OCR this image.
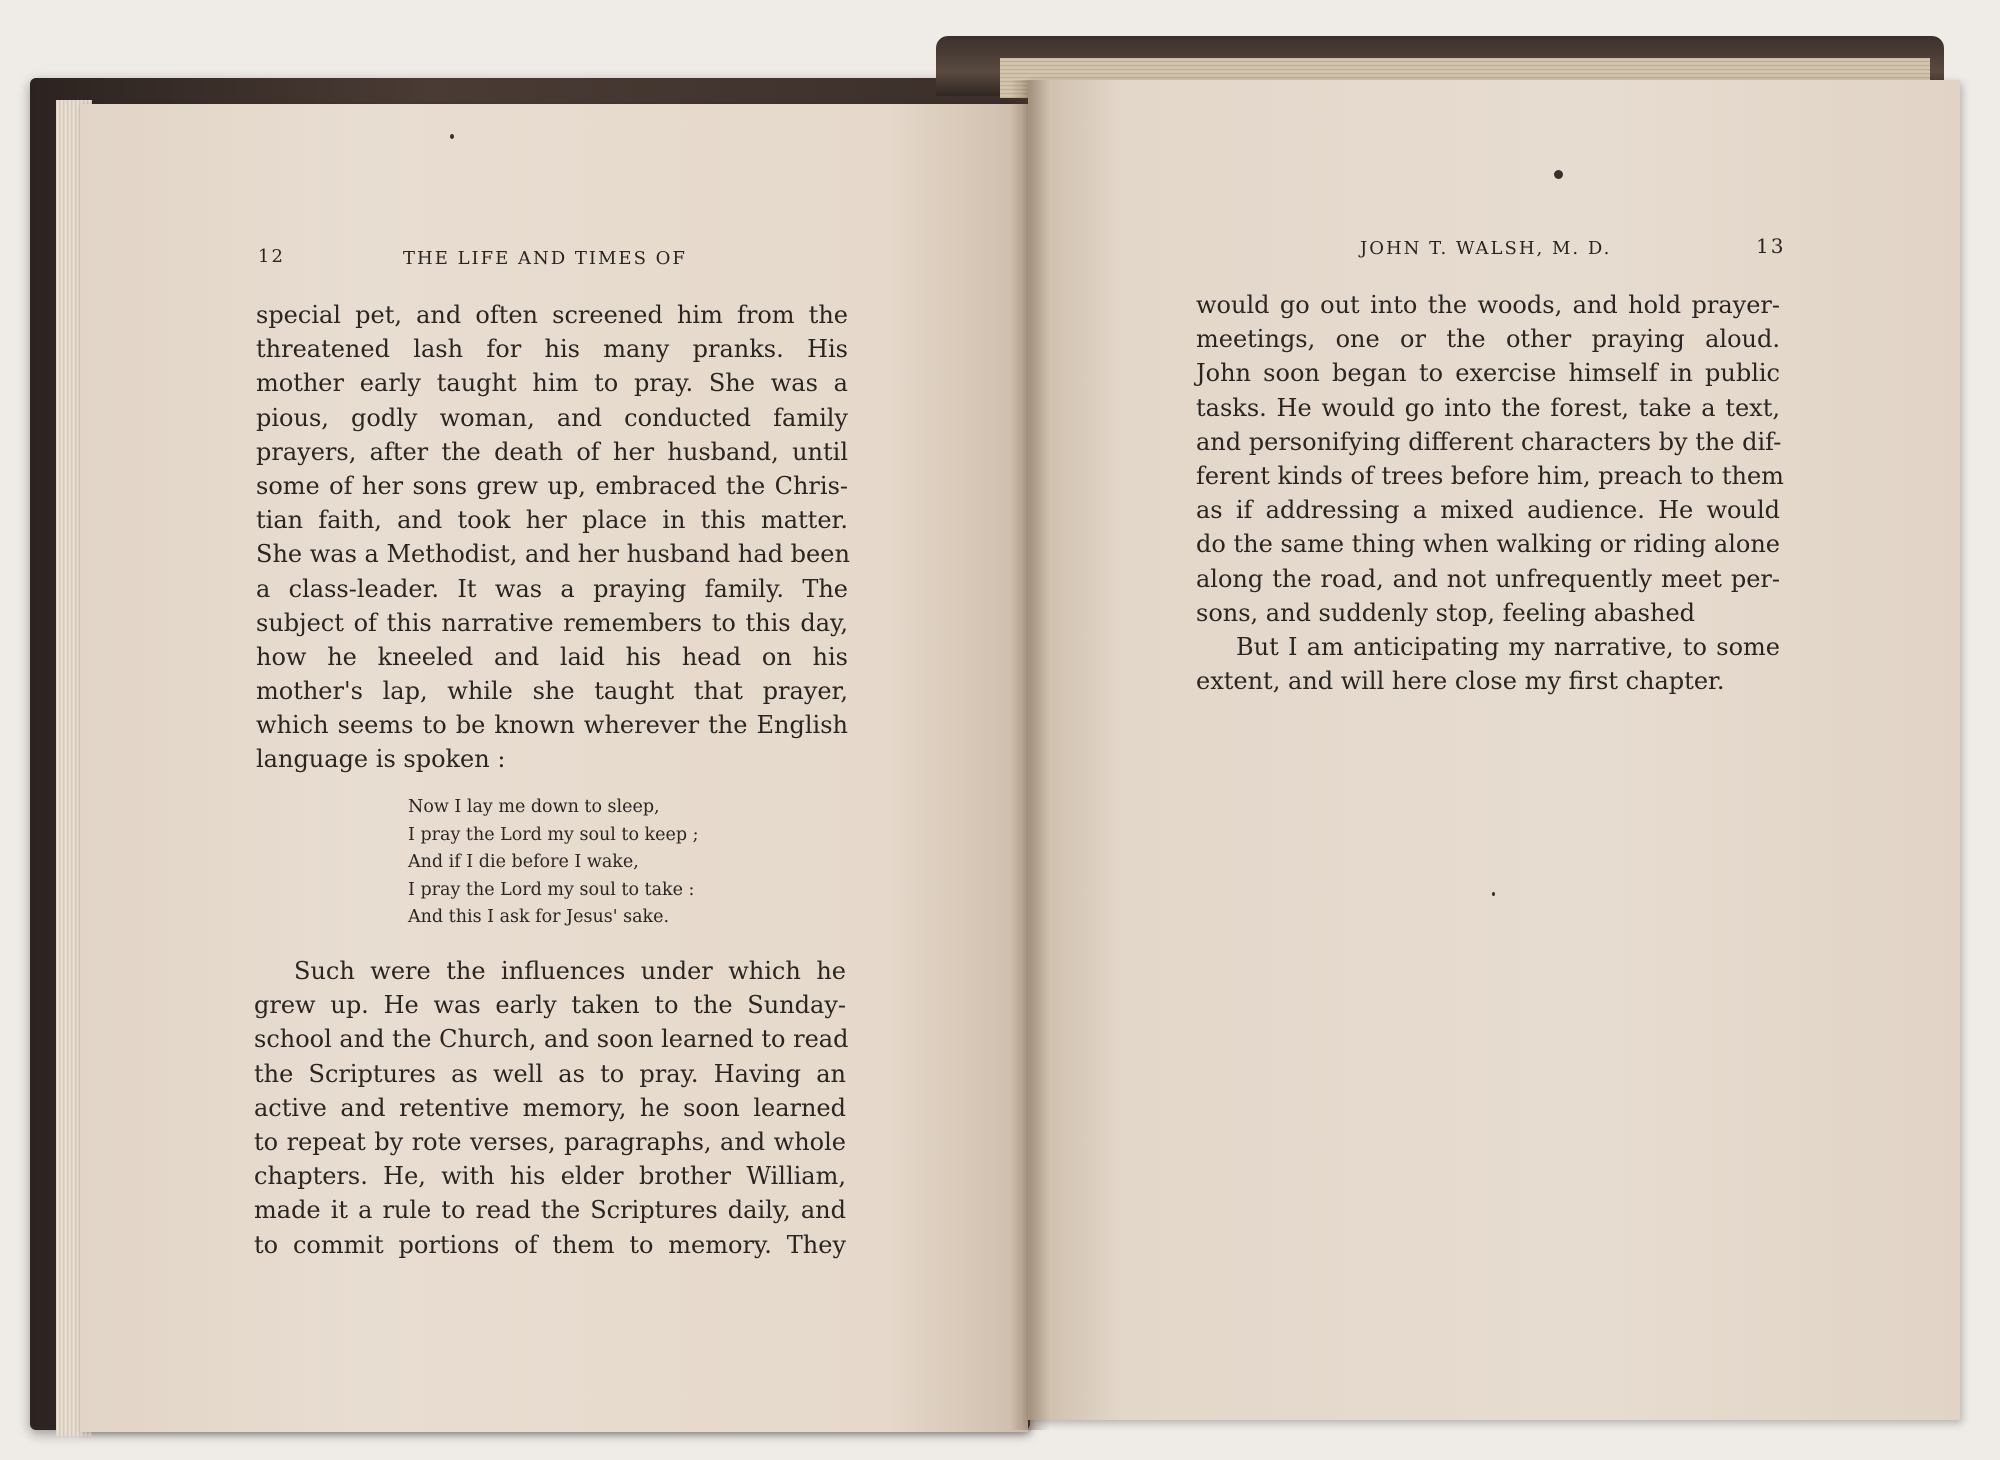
12	THE LIFE AND TIMES OF
special pet, and often screened him from the
threatened lash for his many pranks. His
mother early taught him to pray. She was a
pious, godly woman, and conducted family
prayers, after the death of her husband, until
some of her sons grew up, embraced the Chris-
tian faith, and took her place in this matter.
She was a Methodist, and her husband had been
a class-leader. It was a praying family. The
subject of this narrative remembers to this day,
how he kneeled and laid his head on his
mother's lap, while she taught that prayer,
which seems to be known wherever the English
language is spoken :
Now I lay me down to sleep,
I pray the Lord my soul to keep ;
And if I die before I wake,
I pray the Lord my soul to take :
And this I ask for Jesus' sake.
Such were the influences under which he
grew up. He was early taken to the Sunday-
school and the Church, and soon learned to read
the Scriptures as well as to pray. Having an
active and retentive memory, he soon learned
to repeat by rote verses, paragraphs, and whole
chapters. He, with his elder brother William,
made it a rule to read the Scriptures daily, and
to commit portions of them to memory. They
JOHN T. WALSH, M. D.	13
would go out into the woods, and hold prayer-
meetings, one or the other praying aloud.
John soon began to exercise himself in public
tasks. He would go into the forest, take a text,
and personifying different characters by the dif-
ferent kinds of trees before him, preach to them
as if addressing a mixed audience. He would
do the same thing when walking or riding alone
along the road, and not unfrequently meet per-
sons, and suddenly stop, feeling abashed
But I am anticipating my narrative, to some
extent, and will here close my first chapter.
